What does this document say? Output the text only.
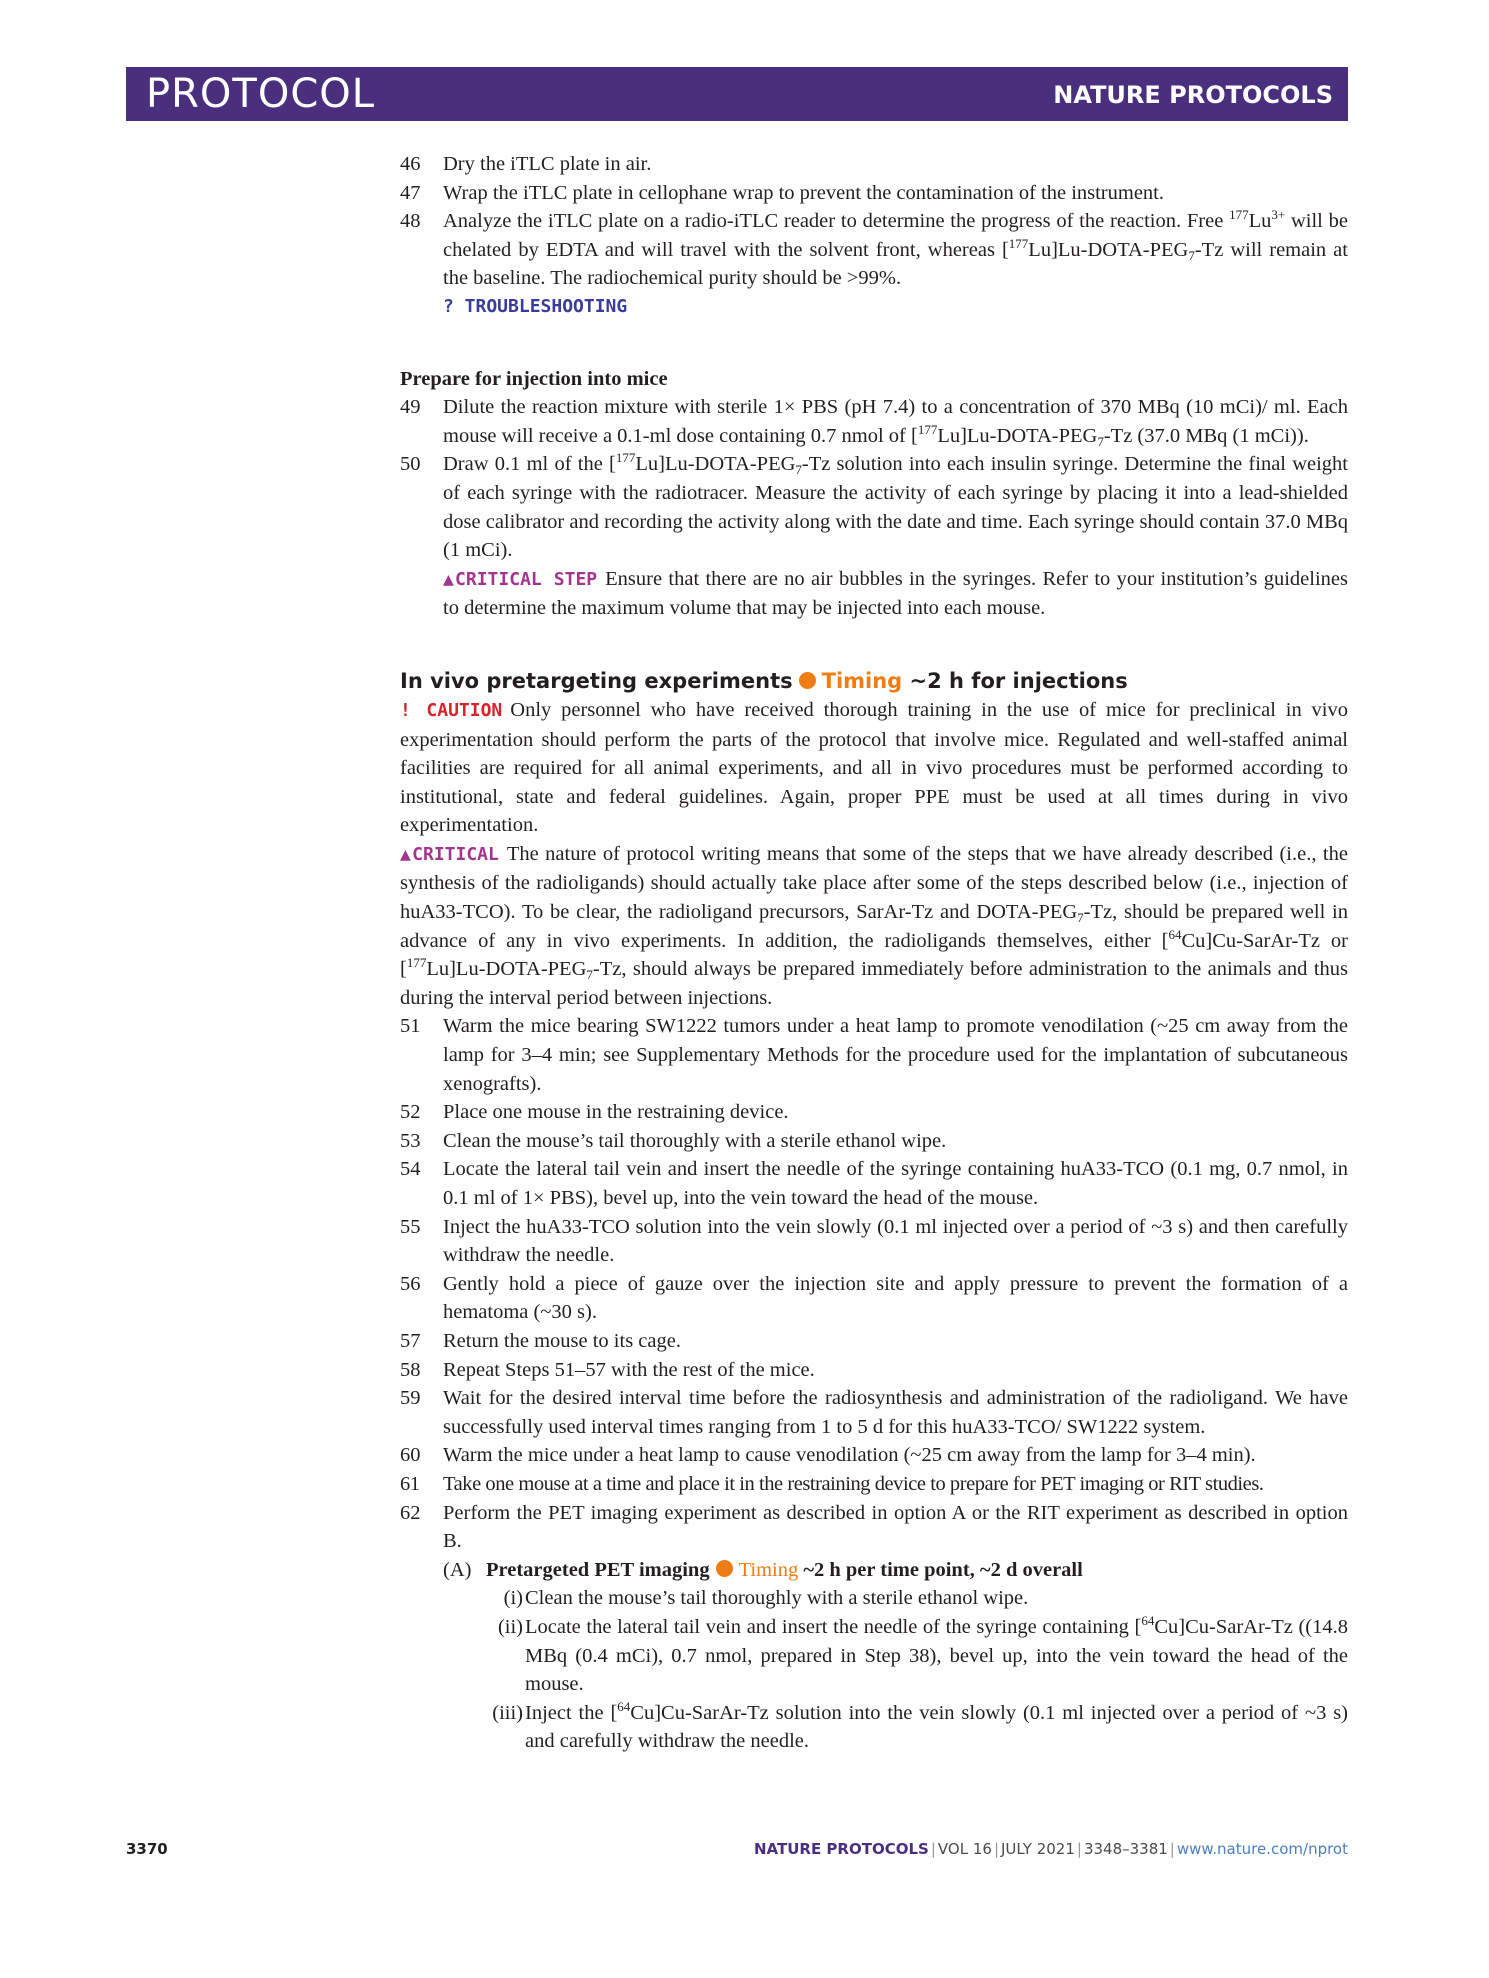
PROTOCOL	NATURE PROTOCOLS
46 Dry the iTLC plate in air.
47 Wrap the iTLC plate in cellophane wrap to prevent the contamination of the instrument.
48 Analyze the iTLC plate on a radio-iTLC reader to determine the progress of the reaction. Free $^{177}Lu^{3+}$ will be chelated by EDTA and will travel with the solvent front, whereas $[^{177}Lu]Lu-DOTA-PEG_7-Tz$ will remain at the baseline. The radiochemical purity should be >99%.
? TROUBLESHOOTING
Prepare for injection into mice
49 Dilute the reaction mixture with sterile 1× PBS (pH 7.4) to a concentration of 370 MBq (10 mCi)/ ml. Each mouse will receive a 0.1-ml dose containing 0.7 nmol of $[^{177}Lu]Lu-DOTA-PEG_7-Tz$ (37.0 MBq (1 mCi)).
50 Draw 0.1 ml of the $[^{177}Lu]Lu-DOTA-PEG_7-Tz$ solution into each insulin syringe. Determine the final weight of each syringe with the radiotracer. Measure the activity of each syringe by placing it into a lead-shielded dose calibrator and recording the activity along with the date and time. Each syringe should contain 37.0 MBq (1 mCi).
▲CRITICAL STEP Ensure that there are no air bubbles in the syringes. Refer to your institution’s guidelines to determine the maximum volume that may be injected into each mouse.
In vivo pretargeting experiments Timing ~2 h for injections
! CAUTION Only personnel who have received thorough training in the use of mice for preclinical in vivo experimentation should perform the parts of the protocol that involve mice. Regulated and well-staffed animal facilities are required for all animal experiments, and all in vivo procedures must be performed according to institutional, state and federal guidelines. Again, proper PPE must be used at all times during in vivo experimentation.
▲CRITICAL The nature of protocol writing means that some of the steps that we have already described (i.e., the synthesis of the radioligands) should actually take place after some of the steps described below (i.e., injection of huA33-TCO). To be clear, the radioligand precursors, SarAr-Tz and DOTA-$PEG_7-Tz$, should be prepared well in advance of any in vivo experiments. In addition, the radioligands themselves, either [$^{64}$Cu]Cu-SarAr-Tz or $[^{177}Lu]Lu-DOTA-PEG_7-Tz$, should always be prepared immediately before administration to the animals and thus during the interval period between injections.
51 Warm the mice bearing SW1222 tumors under a heat lamp to promote venodilation (~25 cm away from the lamp for 3–4 min; see Supplementary Methods for the procedure used for the implantation of subcutaneous xenografts).
52 Place one mouse in the restraining device.
53 Clean the mouse’s tail thoroughly with a sterile ethanol wipe.
54 Locate the lateral tail vein and insert the needle of the syringe containing huA33-TCO (0.1 mg, 0.7 nmol, in 0.1 ml of 1× PBS), bevel up, into the vein toward the head of the mouse.
55 Inject the huA33-TCO solution into the vein slowly (0.1 ml injected over a period of ~3 s) and then carefully withdraw the needle.
56 Gently hold a piece of gauze over the injection site and apply pressure to prevent the formation of a hematoma (~30 s).
57 Return the mouse to its cage.
58 Repeat Steps 51–57 with the rest of the mice.
59 Wait for the desired interval time before the radiosynthesis and administration of the radioligand. We have successfully used interval times ranging from 1 to 5 d for this huA33-TCO/ SW1222 system.
60 Warm the mice under a heat lamp to cause venodilation (~25 cm away from the lamp for 3–4 min).
61 Take one mouse at a time and place it in the restraining device to prepare for PET imaging or RIT studies.
62 Perform the PET imaging experiment as described in option A or the RIT experiment as described in option B.
(A) Pretargeted PET imaging Timing ~2 h per time point, ~2 d overall
(i) Clean the mouse’s tail thoroughly with a sterile ethanol wipe.
(ii) Locate the lateral tail vein and insert the needle of the syringe containing [$^{64}$Cu]Cu-SarAr-Tz ((14.8 MBq (0.4 mCi), 0.7 nmol, prepared in Step 38), bevel up, into the vein toward the head of the mouse.
(iii) Inject the [$^{64}$Cu]Cu-SarAr-Tz solution into the vein slowly (0.1 ml injected over a period of ~3 s) and carefully withdraw the needle.
3370	NATURE PROTOCOLS | VOL 16 | JULY 2021 | 3348–3381 | www.nature.com/nprot
